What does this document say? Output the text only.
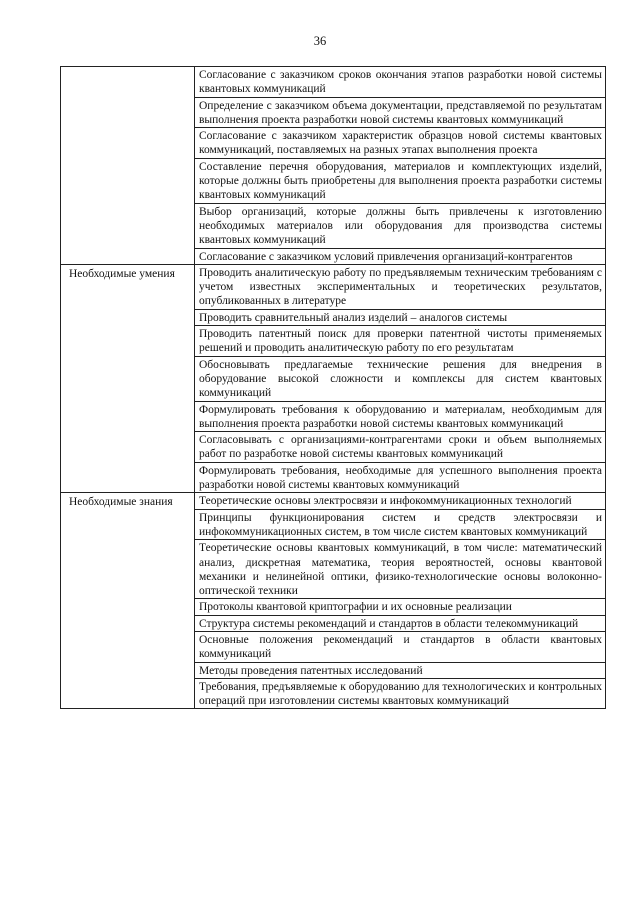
36
	Согласование с заказчиком сроков окончания этапов разработки новой системы квантовых коммуникаций
	Определение с заказчиком объема документации, представляемой по результатам выполнения проекта разработки новой системы квантовых коммуникаций
	Согласование с заказчиком характеристик образцов новой системы квантовых коммуникаций, поставляемых на разных этапах выполнения проекта
	Составление перечня оборудования, материалов и комплектующих изделий, которые должны быть приобретены для выполнения проекта разработки системы квантовых коммуникаций
	Выбор организаций, которые должны быть привлечены к изготовлению необходимых материалов или оборудования для производства системы квантовых коммуникаций
	Согласование с заказчиком условий привлечения организаций-контрагентов
Необходимые умения	Проводить аналитическую работу по предъявляемым техническим требованиям с учетом известных экспериментальных и теоретических результатов, опубликованных в литературе
	Проводить сравнительный анализ изделий – аналогов системы
	Проводить патентный поиск для проверки патентной чистоты применяемых решений и проводить аналитическую работу по его результатам
	Обосновывать предлагаемые технические решения для внедрения в оборудование высокой сложности и комплексы для систем квантовых коммуникаций
	Формулировать требования к оборудованию и материалам, необходимым для выполнения проекта разработки новой системы квантовых коммуникаций
	Согласовывать с организациями-контрагентами сроки и объем выполняемых работ по разработке новой системы квантовых коммуникаций
	Формулировать требования, необходимые для успешного выполнения проекта разработки новой системы квантовых коммуникаций
Необходимые знания	Теоретические основы электросвязи и инфокоммуникационных технологий
	Принципы функционирования систем и средств электросвязи и инфокоммуникационных систем, в том числе систем квантовых коммуникаций
	Теоретические основы квантовых коммуникаций, в том числе: математический анализ, дискретная математика, теория вероятностей, основы квантовой механики и нелинейной оптики, физико-технологические основы волоконно-оптической техники
	Протоколы квантовой криптографии и их основные реализации
	Структура системы рекомендаций и стандартов в области телекоммуникаций
	Основные положения рекомендаций и стандартов в области квантовых коммуникаций
	Методы проведения патентных исследований
	Требования, предъявляемые к оборудованию для технологических и контрольных операций при изготовлении системы квантовых коммуникаций
